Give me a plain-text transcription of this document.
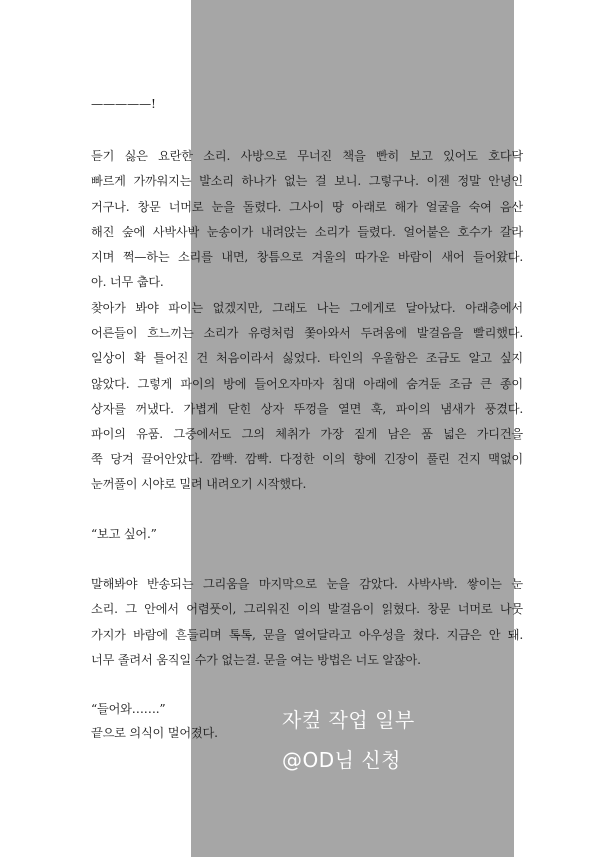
—————!
듣기 싫은 요란한 소리. 사방으로 무너진 책을 빤히 보고 있어도 호다닥
빠르게 가까워지는 발소리 하나가 없는 걸 보니. 그렇구나. 이젠 정말 안녕인
거구나. 창문 너머로 눈을 돌렸다. 그사이 땅 아래로 해가 얼굴을 숙여 음산
해진 숲에 사박사박 눈송이가 내려앉는 소리가 들렸다. 얼어붙은 호수가 갈라
지며 쩍—하는 소리를 내면, 창틈으로 겨울의 따가운 바람이 새어 들어왔다.
아. 너무 춥다.
찾아가 봐야 파이는 없겠지만, 그래도 나는 그에게로 달아났다. 아래층에서
어른들이 흐느끼는 소리가 유령처럼 쫓아와서 두려움에 발걸음을 빨리했다.
일상이 확 틀어진 건 처음이라서 싫었다. 타인의 우울함은 조금도 알고 싶지
않았다. 그렇게 파이의 방에 들어오자마자 침대 아래에 숨겨둔 조금 큰 종이
상자를 꺼냈다. 가볍게 닫힌 상자 뚜껑을 열면 훅, 파이의 냄새가 풍겼다.
파이의 유품. 그중에서도 그의 체취가 가장 짙게 남은 품 넓은 가디건을
쭉 당겨 끌어안았다. 깜빡. 깜빡. 다정한 이의 향에 긴장이 풀린 건지 맥없이
눈꺼풀이 시야로 밀려 내려오기 시작했다.
“보고 싶어.”
말해봐야 반송되는 그리움을 마지막으로 눈을 감았다. 사박사박. 쌓이는 눈
소리. 그 안에서 어렴풋이, 그리워진 이의 발걸음이 읽혔다. 창문 너머로 나뭇
가지가 바람에 흔들리며 톡톡, 문을 열어달라고 아우성을 쳤다. 지금은 안 돼.
너무 졸려서 움직일 수가 없는걸. 문을 여는 방법은 너도 알잖아.
“들어와…….”
끝으로 의식이 멀어졌다.
자컾 작업 일부
@OD님 신청
